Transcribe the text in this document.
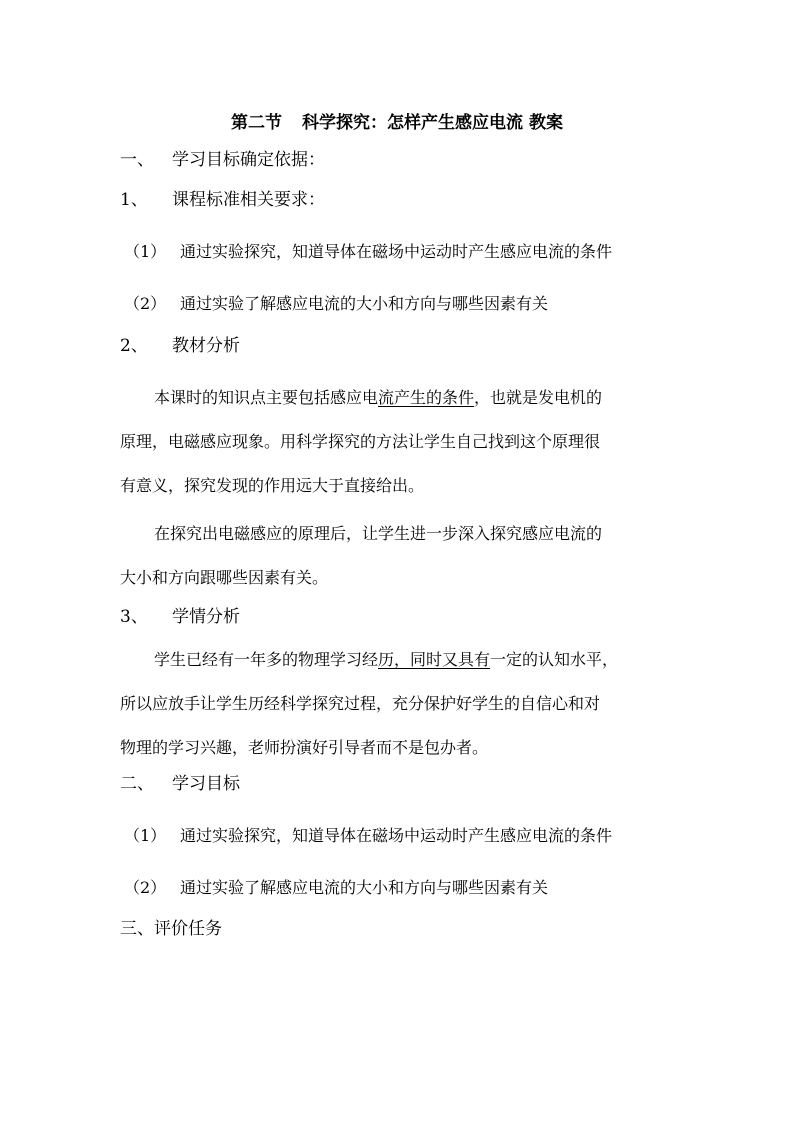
第二节 科学探究：怎样产生感应电流 教案
一、 学习目标确定依据：
1、 课程标准相关要求：
（1） 通过实验探究，知道导体在磁场中运动时产生感应电流的条件
（2） 通过实验了解感应电流的大小和方向与哪些因素有关
2、 教材分析
本课时的知识点主要包括感应电流产生的条件，也就是发电机的
原理，电磁感应现象。用科学探究的方法让学生自己找到这个原理很
有意义，探究发现的作用远大于直接给出。
在探究出电磁感应的原理后，让学生进一步深入探究感应电流的
大小和方向跟哪些因素有关。
3、 学情分析
学生已经有一年多的物理学习经历，同时又具有一定的认知水平，
所以应放手让学生历经科学探究过程，充分保护好学生的自信心和对
物理的学习兴趣，老师扮演好引导者而不是包办者。
二、 学习目标
（1） 通过实验探究，知道导体在磁场中运动时产生感应电流的条件
（2） 通过实验了解感应电流的大小和方向与哪些因素有关
三、评价任务
